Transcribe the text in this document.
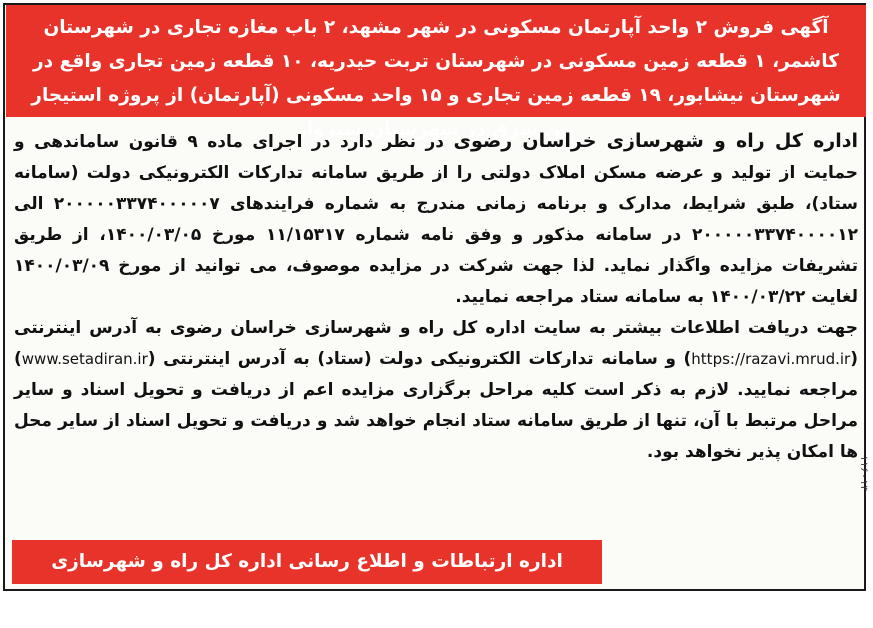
آگهی فروش ۲ واحد آپارتمان مسکونی در شهر مشهد، ۲ باب مغازه تجاری در شهرستان کاشمر، ۱ قطعه زمین مسکونی در شهرستان تربت حیدریه، ۱۰ قطعه زمین تجاری واقع در شهرستان نیشابور، ۱۹ قطعه زمین تجاری و ۱۵ واحد مسکونی (آپارتمان) از پروژه استیجار بتن شرق در شهرستان سبزوار

اداره کل راه و شهرسازی خراسان رضوی در نظر دارد در اجرای ماده ۹ قانون ساماندهی و حمایت از تولید و عرضه مسکن املاک دولتی را از طریق سامانه تدارکات الکترونیکی دولت (سامانه ستاد)، طبق شرایط، مدارک و برنامه زمانی مندرج به شماره فرایندهای ۲۰۰۰۰۰۳۳۷۴۰۰۰۰۰۷ الی ۲۰۰۰۰۰۳۳۷۴۰۰۰۰۱۲ در سامانه مذکور و وفق نامه شماره ۱۱/۱۵۳۱۷ مورخ ۱۴۰۰/۰۳/۰۵، از طریق تشریفات مزایده واگذار نماید. لذا جهت شرکت در مزایده موصوف، می توانید از مورخ ۱۴۰۰/۰۳/۰۹ لغایت ۱۴۰۰/۰۳/۲۲ به سامانه ستاد مراجعه نمایید.

جهت دریافت اطلاعات بیشتر به سایت اداره کل راه و شهرسازی خراسان رضوی به آدرس اینترنتی (https://razavi.mrud.ir) و سامانه تدارکات الکترونیکی دولت (ستاد) به آدرس اینترنتی (www.setadiran.ir) مراجعه نمایید. لازم به ذکر است کلیه مراحل برگزاری مزایده اعم از دریافت و تحویل اسناد و سایر مراحل مرتبط با آن، تنها از طریق سامانه ستاد انجام خواهد شد و دریافت و تحویل اسناد از سایر محل ها امکان پذیر نخواهد بود.

اداره ارتباطات و اطلاع رسانی اداره کل راه و شهرسازی خراسان رضوی
۱۱۶۰۱۳
